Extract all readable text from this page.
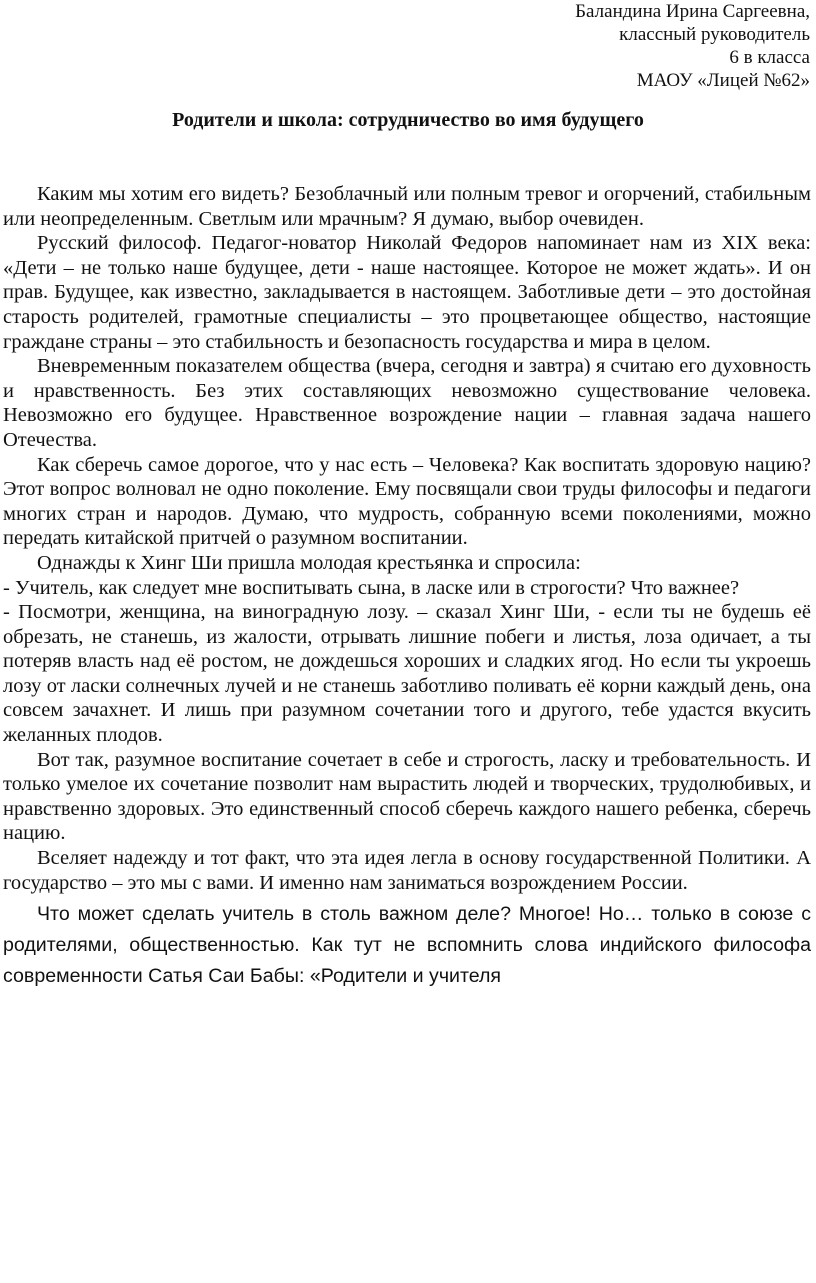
Баландина Ирина Саргеевна,
классный руководитель
6 в класса
МАОУ «Лицей №62»
Родители и школа: сотрудничество во имя будущего

Каким мы хотим его видеть? Безоблачный или полным тревог и огорчений, стабильным или неопределенным. Светлым или мрачным? Я думаю, выбор очевиден.

Русский философ. Педагог-новатор Николай Федоров напоминает нам из XIX века: «Дети – не только наше будущее, дети - наше настоящее. Которое не может ждать». И он прав. Будущее, как известно, закладывается в настоящем. Заботливые дети – это достойная старость родителей, грамотные специалисты – это процветающее общество, настоящие граждане страны – это стабильность и безопасность государства и мира в целом.

Вневременным показателем общества (вчера, сегодня и завтра) я считаю его духовность и нравственность. Без этих составляющих невозможно существование человека. Невозможно его будущее. Нравственное возрождение нации – главная задача нашего Отечества.

Как сберечь самое дорогое, что у нас есть – Человека? Как воспитать здоровую нацию? Этот вопрос волновал не одно поколение. Ему посвящали свои труды философы и педагоги многих стран и народов. Думаю, что мудрость, собранную всеми поколениями, можно передать китайской притчей о разумном воспитании.

Однажды к Хинг Ши пришла молодая крестьянка и спросила:

- Учитель, как следует мне воспитывать сына, в ласке или в строгости? Что важнее?

- Посмотри, женщина, на виноградную лозу. – сказал Хинг Ши, - если ты не будешь её обрезать, не станешь, из жалости, отрывать лишние побеги и листья, лоза одичает, а ты потеряв власть над её ростом, не дождешься хороших и сладких ягод. Но если ты укроешь лозу от ласки солнечных лучей и не станешь заботливо поливать её корни каждый день, она совсем зачахнет. И лишь при разумном сочетании того и другого, тебе удастся вкусить желанных плодов.

Вот так, разумное воспитание сочетает в себе и строгость, ласку и требовательность. И только умелое их сочетание позволит нам вырастить людей и творческих, трудолюбивых, и нравственно здоровых. Это единственный способ сберечь каждого нашего ребенка, сберечь нацию.

Вселяет надежду и тот факт, что эта идея легла в основу государственной Политики. А государство – это мы с вами. И именно нам заниматься возрождением России.

Что может сделать учитель в столь важном деле? Многое! Но… только в союзе с родителями, общественностью. Как тут не вспомнить слова индийского философа современности Сатья Саи Бабы: «Родители и учителя
